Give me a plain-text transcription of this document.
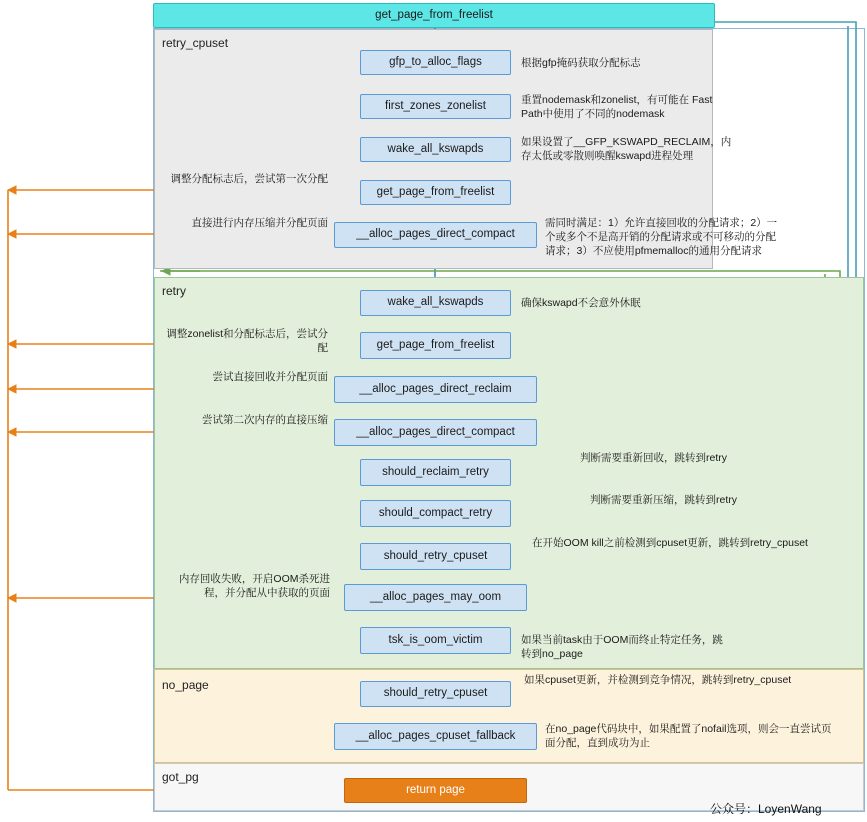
retry_cpuset
retry
no_page
got_pg
get_page_from_freelist
gfp_to_alloc_flags
first_zones_zonelist
wake_all_kswapds
get_page_from_freelist
__alloc_pages_direct_compact
wake_all_kswapds
get_page_from_freelist
__alloc_pages_direct_reclaim
__alloc_pages_direct_compact
should_reclaim_retry
should_compact_retry
should_retry_cpuset
__alloc_pages_may_oom
tsk_is_oom_victim
should_retry_cpuset
__alloc_pages_cpuset_fallback
return page
根据gfp掩码获取分配标志
重置nodemask和zonelist，有可能在 Fast Path中使用了不同的nodemask
如果设置了__GFP_KSWAPD_RECLAIM，内存太低或零散则唤醒kswapd进程处理
调整分配标志后，尝试第一次分配
直接进行内存压缩并分配页面	需同时满足：1）允许直接回收的分配请求；2）一个或多个不是高开销的分配请求或不可移动的分配请求；3）不应使用pfmemalloc的通用分配请求
确保kswapd不会意外休眠
调整zonelist和分配标志后，尝试分配
尝试直接回收并分配页面
尝试第二次内存的直接压缩
判断需要重新回收，跳转到retry
判断需要重新压缩，跳转到retry
在开始OOM kill之前检测到cpuset更新，跳转到retry_cpuset
内存回收失败，开启OOM杀死进程，并分配从中获取的页面
如果当前task由于OOM而终止特定任务，跳转到no_page
如果cpuset更新，并检测到竞争情况，跳转到retry_cpuset
在no_page代码块中，如果配置了nofail选项，则会一直尝试页面分配，直到成功为止
公众号：LoyenWang
